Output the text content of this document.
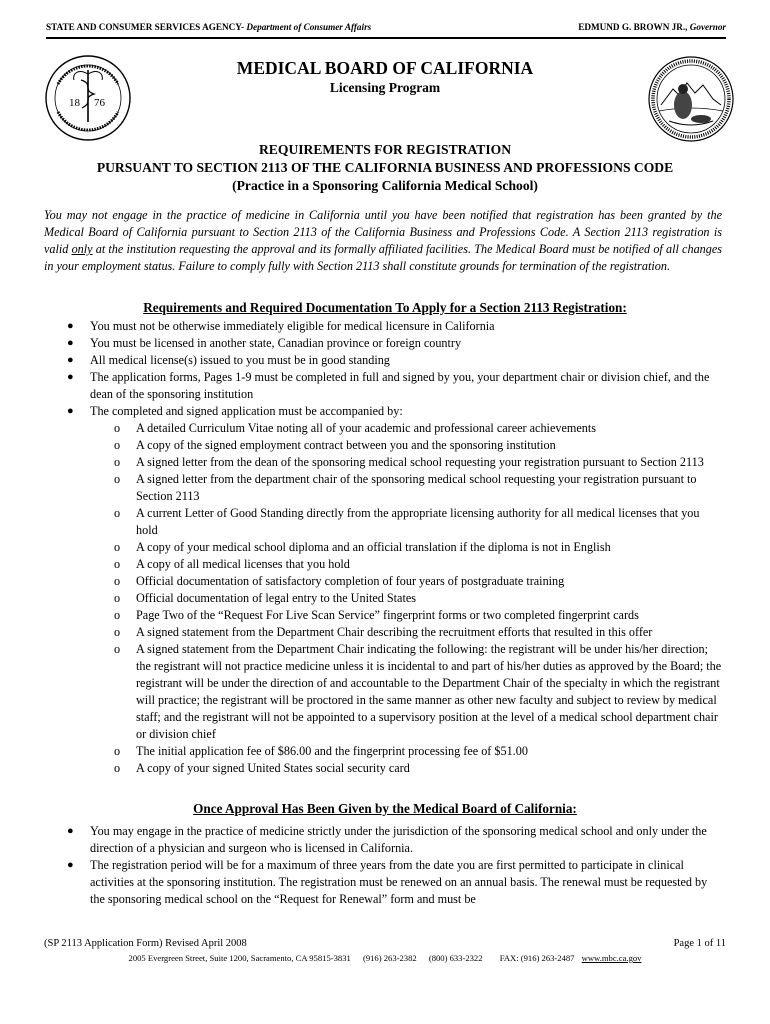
STATE AND CONSUMER SERVICES AGENCY- Department of Consumer Affairs	EDMUND G. BROWN JR., Governor
18 76
MEDICAL BOARD OF CALIFORNIA
Licensing Program
REQUIREMENTS FOR REGISTRATION
PURSUANT TO SECTION 2113 OF THE CALIFORNIA BUSINESS AND PROFESSIONS CODE
(Practice in a Sponsoring California Medical School)
You may not engage in the practice of medicine in California until you have been notified that registration has been granted by the Medical Board of California pursuant to Section 2113 of the California Business and Professions Code. A Section 2113 registration is valid only at the institution requesting the approval and its formally affiliated facilities. The Medical Board must be notified of all changes in your employment status. Failure to comply fully with Section 2113 shall constitute grounds for termination of the registration.
Requirements and Required Documentation To Apply for a Section 2113 Registration:
● You must not be otherwise immediately eligible for medical licensure in California
● You must be licensed in another state, Canadian province or foreign country
● All medical license(s) issued to you must be in good standing
● The application forms, Pages 1-9 must be completed in full and signed by you, your department chair or division chief, and the dean of the sponsoring institution
● The completed and signed application must be accompanied by:
o A detailed Curriculum Vitae noting all of your academic and professional career achievements
o A copy of the signed employment contract between you and the sponsoring institution
o A signed letter from the dean of the sponsoring medical school requesting your registration pursuant to Section 2113
o A signed letter from the department chair of the sponsoring medical school requesting your registration pursuant to Section 2113
o A current Letter of Good Standing directly from the appropriate licensing authority for all medical licenses that you hold
o A copy of your medical school diploma and an official translation if the diploma is not in English
o A copy of all medical licenses that you hold
o Official documentation of satisfactory completion of four years of postgraduate training
o Official documentation of legal entry to the United States
o Page Two of the “Request For Live Scan Service” fingerprint forms or two completed fingerprint cards
o A signed statement from the Department Chair describing the recruitment efforts that resulted in this offer
o A signed statement from the Department Chair indicating the following: the registrant will be under his/her direction; the registrant will not practice medicine unless it is incidental to and part of his/her duties as approved by the Board; the registrant will be under the direction of and accountable to the Department Chair of the specialty in which the registrant will practice; the registrant will be proctored in the same manner as other new faculty and subject to review by medical staff; and the registrant will not be appointed to a supervisory position at the level of a medical school department chair or division chief
o The initial application fee of $86.00 and the fingerprint processing fee of $51.00
o A copy of your signed United States social security card
Once Approval Has Been Given by the Medical Board of California:
● You may engage in the practice of medicine strictly under the jurisdiction of the sponsoring medical school and only under the direction of a physician and surgeon who is licensed in California.
● The registration period will be for a maximum of three years from the date you are first permitted to participate in clinical activities at the sponsoring institution. The registration must be renewed on an annual basis. The renewal must be requested by the sponsoring medical school on the “Request for Renewal” form and must be
(SP 2113 Application Form) Revised April 2008	Page 1 of 11
2005 Evergreen Street, Suite 1200, Sacramento, CA 95815-3831 (916) 263-2382 (800) 633-2322 FAX: (916) 263-2487 www.mbc.ca.gov
